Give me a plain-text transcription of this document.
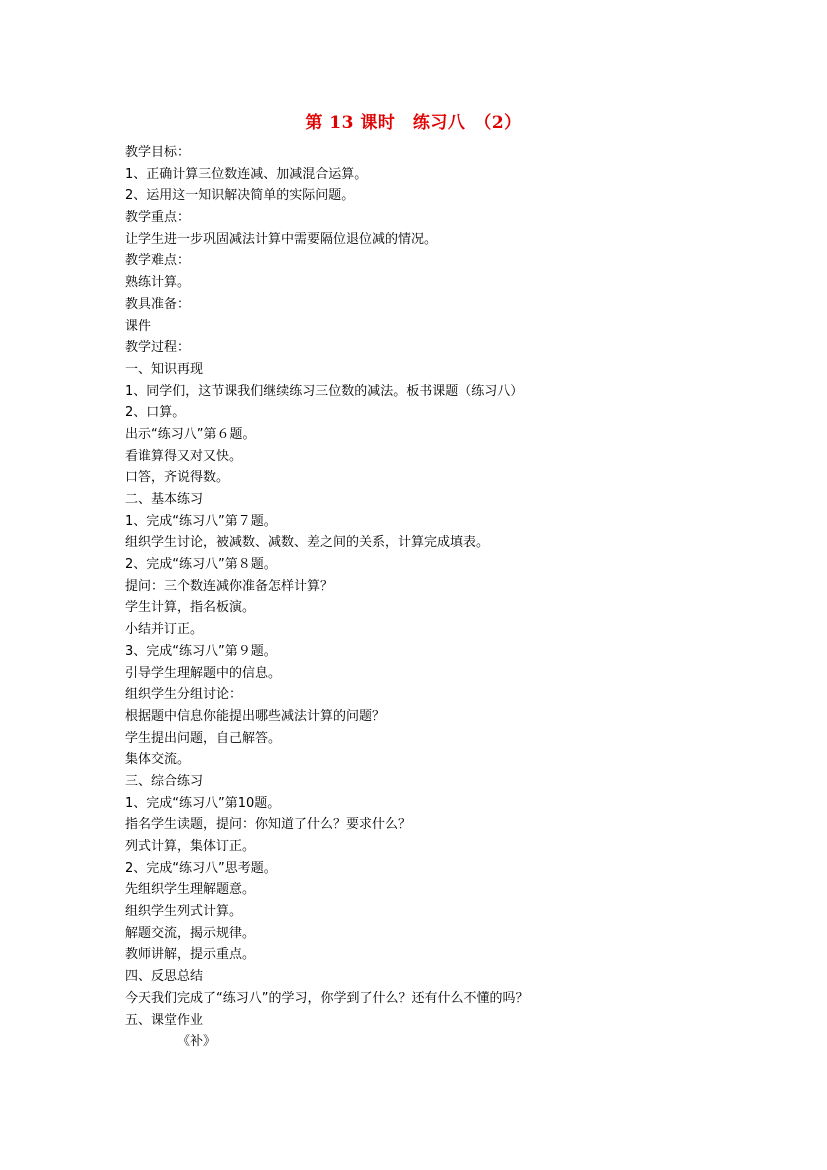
第 13 课时　练习八　（2）
教学目标：
1、正确计算三位数连减、加减混合运算。
2、运用这一知识解决简单的实际问题。
教学重点：
让学生进一步巩固减法计算中需要隔位退位减的情况。
教学难点：
熟练计算。
教具准备：
课件
教学过程：
一、知识再现
1、同学们，这节课我们继续练习三位数的减法。板书课题（练习八）
2、口算。
出示“练习八”第６题。
看谁算得又对又快。
口答，齐说得数。
二、基本练习
1、完成“练习八”第７题。
组织学生讨论，被减数、减数、差之间的关系，计算完成填表。
2、完成“练习八”第８题。
提问：三个数连减你准备怎样计算？
学生计算，指名板演。
小结并订正。
3、完成“练习八”第９题。
引导学生理解题中的信息。
组织学生分组讨论：
根据题中信息你能提出哪些减法计算的问题？
学生提出问题，自己解答。
集体交流。
三、综合练习
1、完成“练习八”第10题。
指名学生读题，提问：你知道了什么？要求什么？
列式计算，集体订正。
2、完成“练习八”思考题。
先组织学生理解题意。
组织学生列式计算。
解题交流，揭示规律。
教师讲解，提示重点。
四、反思总结
今天我们完成了“练习八”的学习，你学到了什么？还有什么不懂的吗？
五、课堂作业
《补》
